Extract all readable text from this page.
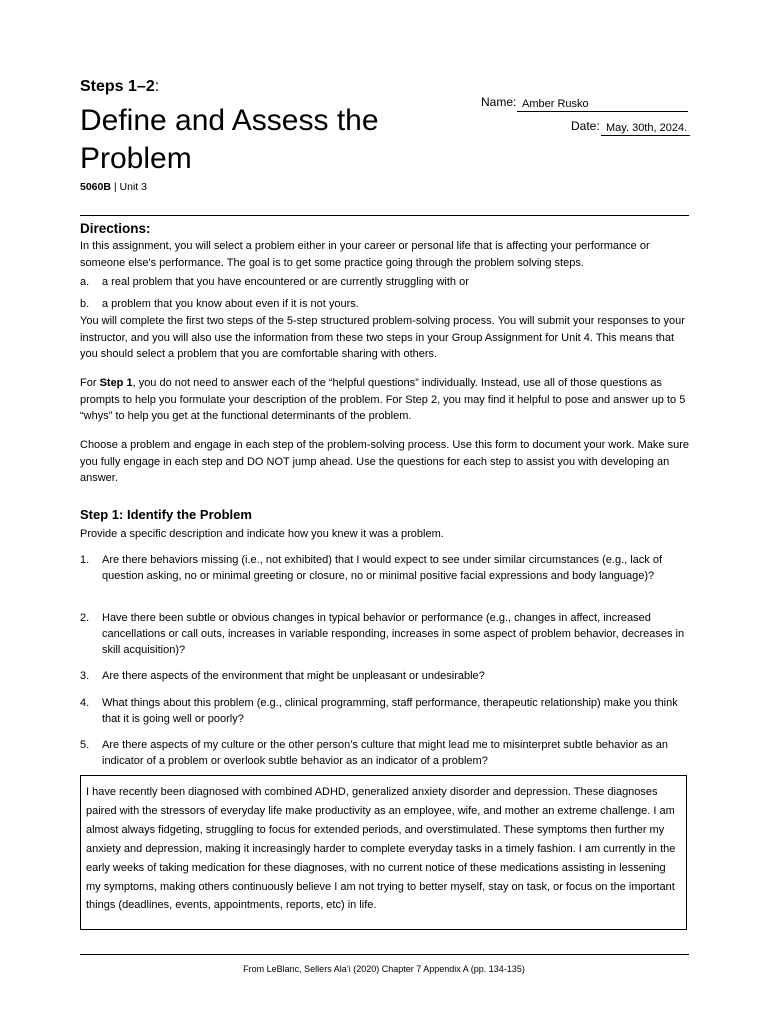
Steps 1–2:
Define and Assess the Problem
5060B | Unit 3
Name: Amber Rusko
Date: May. 30th, 2024.
Directions:
In this assignment, you will select a problem either in your career or personal life that is affecting your performance or someone else's performance. The goal is to get some practice going through the problem solving steps.
a. a real problem that you have encountered or are currently struggling with or
b. a problem that you know about even if it is not yours.
You will complete the first two steps of the 5-step structured problem-solving process. You will submit your responses to your instructor, and you will also use the information from these two steps in your Group Assignment for Unit 4. This means that you should select a problem that you are comfortable sharing with others.
For Step 1, you do not need to answer each of the “helpful questions” individually. Instead, use all of those questions as prompts to help you formulate your description of the problem. For Step 2, you may find it helpful to pose and answer up to 5 “whys” to help you get at the functional determinants of the problem.
Choose a problem and engage in each step of the problem-solving process. Use this form to document your work. Make sure you fully engage in each step and DO NOT jump ahead. Use the questions for each step to assist you with developing an answer.
Step 1: Identify the Problem
Provide a specific description and indicate how you knew it was a problem.
1. Are there behaviors missing (i.e., not exhibited) that I would expect to see under similar circumstances (e.g., lack of question asking, no or minimal greeting or closure, no or minimal positive facial expressions and body language)?
2. Have there been subtle or obvious changes in typical behavior or performance (e.g., changes in affect, increased cancellations or call outs, increases in variable responding, increases in some aspect of problem behavior, decreases in skill acquisition)?
3. Are there aspects of the environment that might be unpleasant or undesirable?
4. What things about this problem (e.g., clinical programming, staff performance, therapeutic relationship) make you think that it is going well or poorly?
5. Are there aspects of my culture or the other person’s culture that might lead me to misinterpret subtle behavior as an indicator of a problem or overlook subtle behavior as an indicator of a problem?
I have recently been diagnosed with combined ADHD, generalized anxiety disorder and depression. These diagnoses paired with the stressors of everyday life make productivity as an employee, wife, and mother an extreme challenge. I am almost always fidgeting, struggling to focus for extended periods, and overstimulated. These symptoms then further my anxiety and depression, making it increasingly harder to complete everyday tasks in a timely fashion. I am currently in the early weeks of taking medication for these diagnoses, with no current notice of these medications assisting in lessening my symptoms, making others continuously believe I am not trying to better myself, stay on task, or focus on the important things (deadlines, events, appointments, reports, etc) in life.
From LeBlanc, Sellers Ala’i (2020) Chapter 7 Appendix A (pp. 134-135)
